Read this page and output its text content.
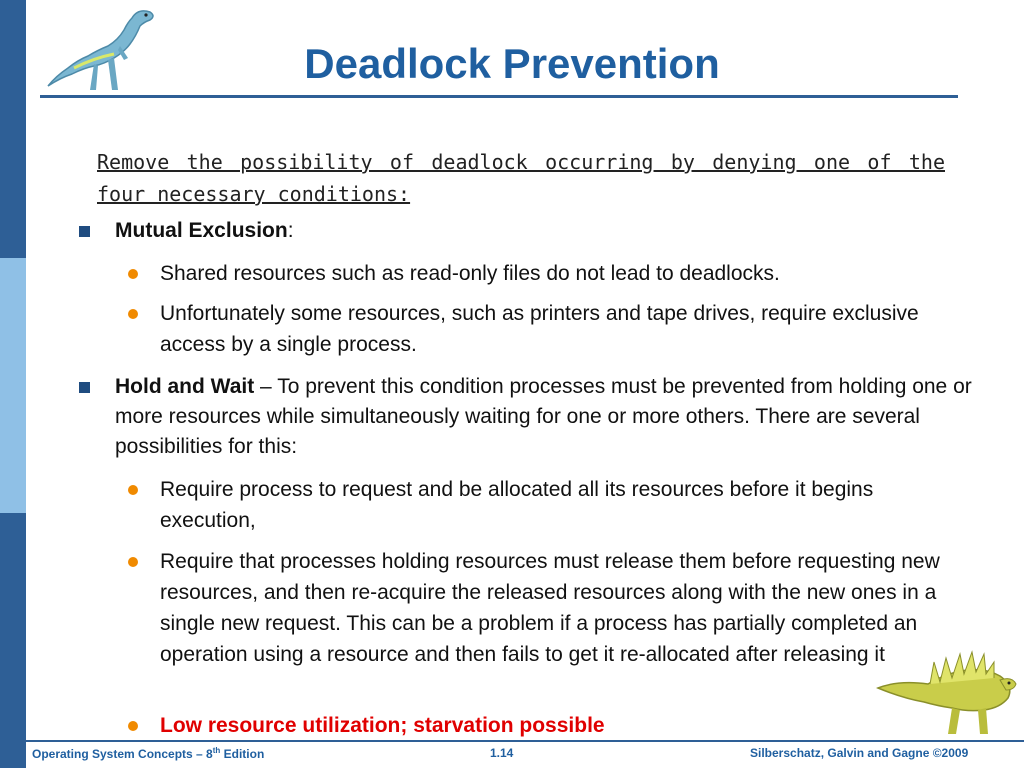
Deadlock Prevention

Remove the possibility of deadlock occurring by denying one of the four necessary conditions:

Mutual Exclusion:
Shared resources such as read-only files do not lead to deadlocks.
Unfortunately some resources, such as printers and tape drives, require exclusive access by a single process.
Hold and Wait – To prevent this condition processes must be prevented from holding one or more resources while simultaneously waiting for one or more others. There are several possibilities for this:
Require process to request and be allocated all its resources before it begins execution,
Require that processes holding resources must release them before requesting new resources, and then re-acquire the released resources along with the new ones in a single new request. This can be a problem if a process has partially completed an operation using a resource and then fails to get it re-allocated after releasing it
Low resource utilization; starvation possible
Operating System Concepts – 8th Edition	1.14	Silberschatz, Galvin and Gagne ©2009
